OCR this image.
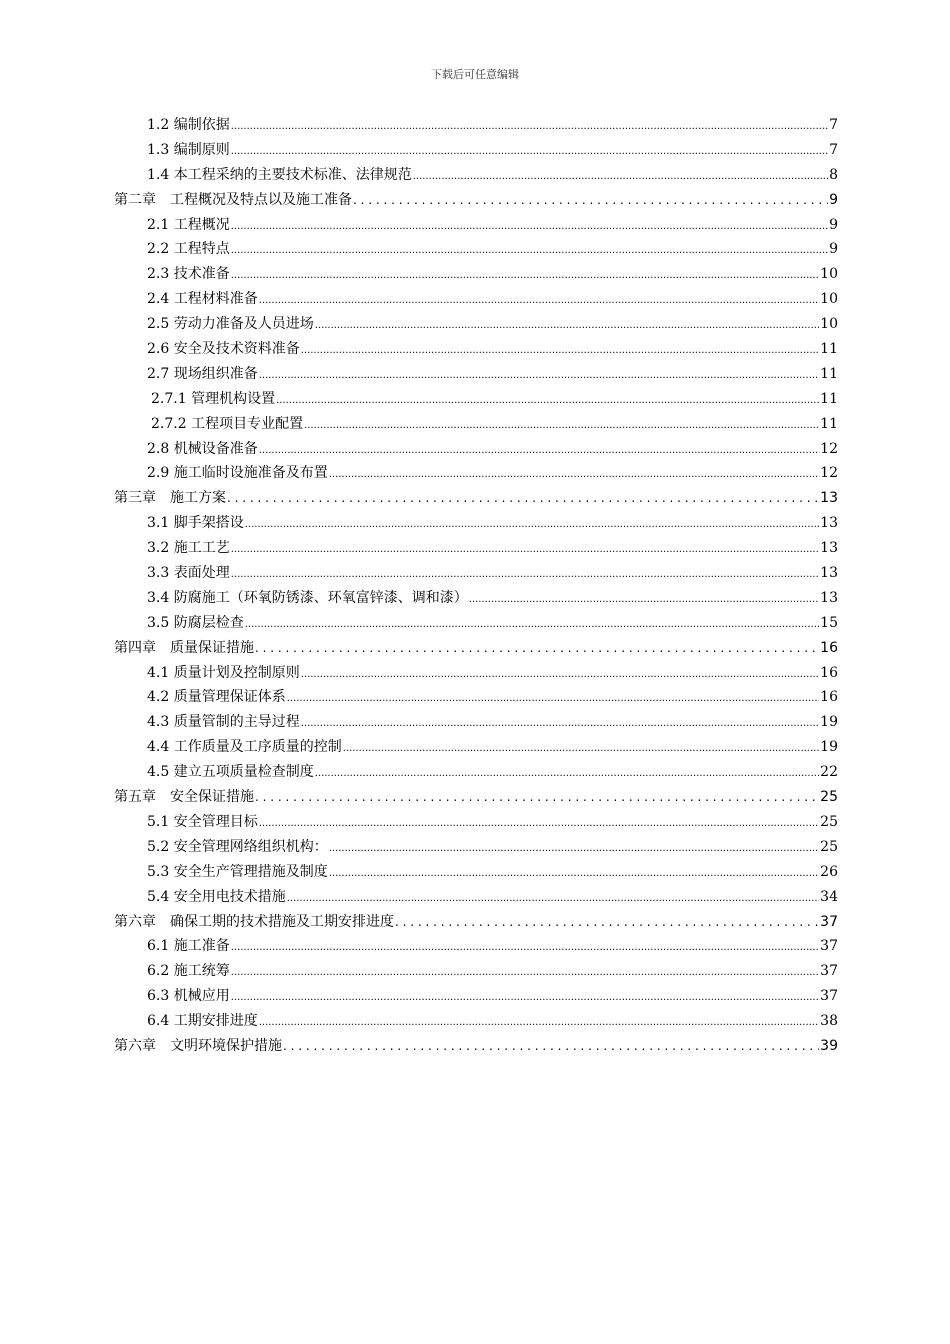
下载后可任意编辑
1.2 编制依据 .....	7
1.3 编制原则 .....	7
1.4 本工程采纳的主要技术标准、法律规范 .....	8
第二章　工程概况及特点以及施工准备 . . .	9
2.1 工程概况 .....	9
2.2 工程特点 .....	9
2.3 技术准备 .....	10
2.4 工程材料准备 .....	10
2.5 劳动力准备及人员进场 .....	10
2.6 安全及技术资料准备 .....	11
2.7 现场组织准备 .....	11
2.7.1 管理机构设置 .....	11
2.7.2 工程项目专业配置 .....	11
2.8 机械设备准备 .....	12
2.9 施工临时设施准备及布置 .....	12
第三章　施工方案 . . .	13
3.1 脚手架搭设 .....	13
3.2 施工工艺 .....	13
3.3 表面处理 .....	13
3.4 防腐施工（环氧防锈漆、环氧富锌漆、调和漆） .....	13
3.5 防腐层检查 .....	15
第四章　质量保证措施 . . .	16
4.1 质量计划及控制原则 .....	16
4.2 质量管理保证体系 .....	16
4.3 质量管制的主导过程 .....	19
4.4 工作质量及工序质量的控制 .....	19
4.5 建立五项质量检查制度 .....	22
第五章　安全保证措施 . . .	25
5.1 安全管理目标 .....	25
5.2 安全管理网络组织机构： .....	25
5.3 安全生产管理措施及制度 .....	26
5.4 安全用电技术措施 .....	34
第六章　确保工期的技术措施及工期安排进度 . . .	37
6.1 施工准备 .....	37
6.2 施工统筹 .....	37
6.3 机械应用 .....	37
6.4 工期安排进度 .....	38
第六章　文明环境保护措施 . . .	39
